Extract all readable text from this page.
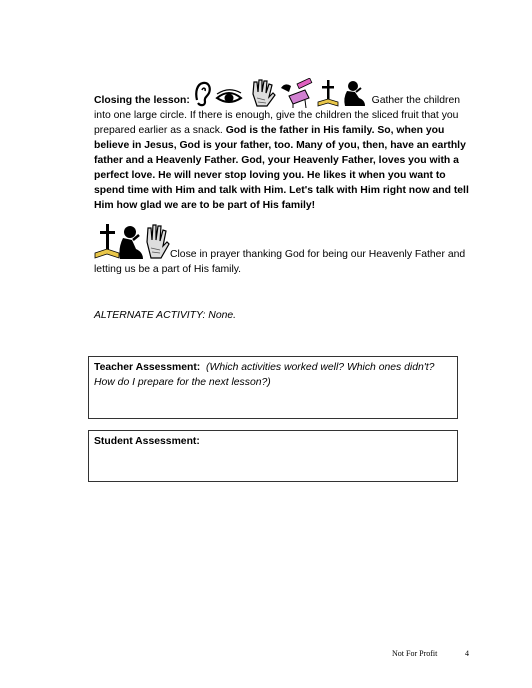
Closing the lesson:	Gather the children into one large circle. If there is enough, give the children the sliced fruit that you prepared earlier as a snack. God is the father in His family. So, when you believe in Jesus, God is your father, too. Many of you, then, have an earthly father and a Heavenly Father. God, your Heavenly Father, loves you with a perfect love. He will never stop loving you. He likes it when you want to spend time with Him and talk with Him. Let's talk with Him right now and tell Him how glad we are to be part of His family!

Close in prayer thanking God for being our Heavenly Father and letting us be a part of His family.
ALTERNATE ACTIVITY: None.
Teacher Assessment: (Which activities worked well? Which ones didn't? How do I prepare for the next lesson?)
Student Assessment:
Not For Profit	4
